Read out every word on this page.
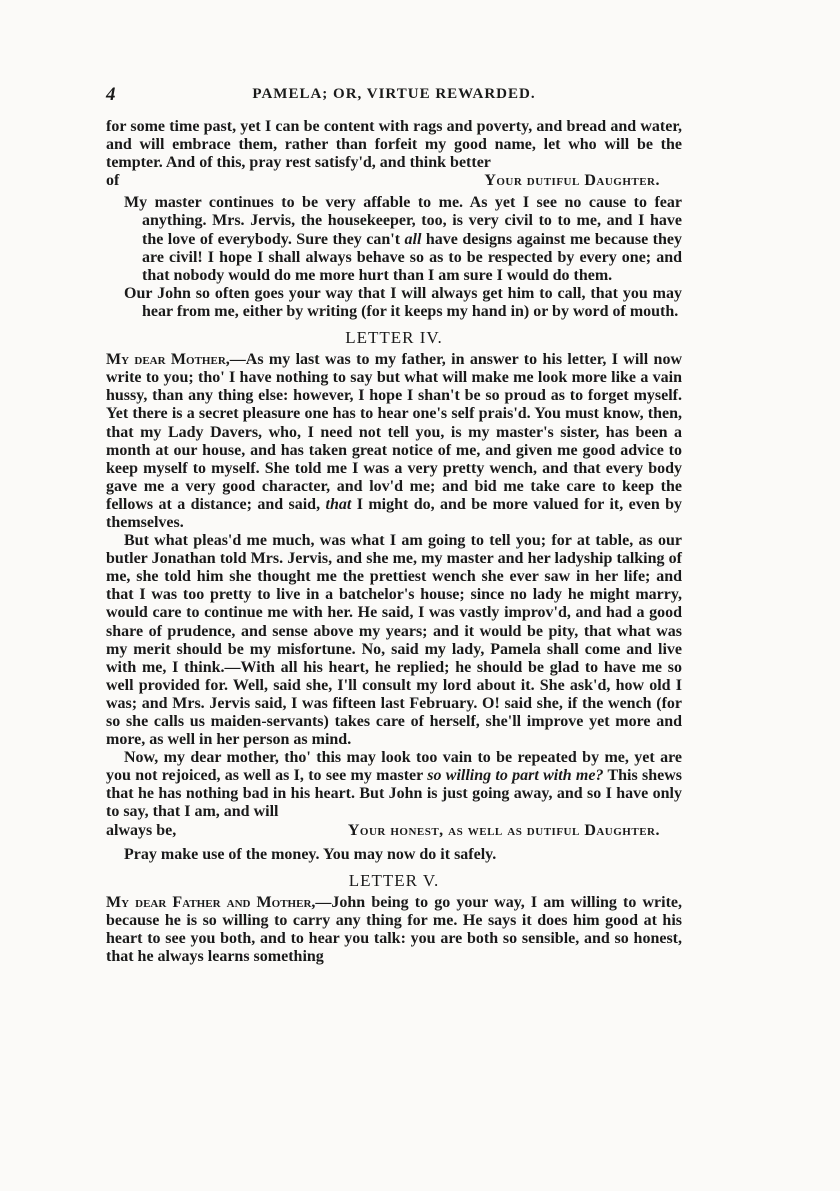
4	PAMELA; OR, VIRTUE REWARDED.

for some time past, yet I can be content with rags and poverty, and bread and water, and will embrace them, rather than forfeit my good name, let who will be the tempter. And of this, pray rest satisfy'd, and think better

of	Your dutiful Daughter.

My master continues to be very affable to me. As yet I see no cause to fear anything. Mrs. Jervis, the housekeeper, too, is very civil to to me, and I have the love of everybody. Sure they can't all have designs against me because they are civil! I hope I shall always behave so as to be respected by every one; and that nobody would do me more hurt than I am sure I would do them.

Our John so often goes your way that I will always get him to call, that you may hear from me, either by writing (for it keeps my hand in) or by word of mouth.

LETTER IV.

My dear Mother,—As my last was to my father, in answer to his letter, I will now write to you; tho' I have nothing to say but what will make me look more like a vain hussy, than any thing else: however, I hope I shan't be so proud as to forget myself. Yet there is a secret pleasure one has to hear one's self prais'd. You must know, then, that my Lady Davers, who, I need not tell you, is my master's sister, has been a month at our house, and has taken great notice of me, and given me good advice to keep myself to myself. She told me I was a very pretty wench, and that every body gave me a very good character, and lov'd me; and bid me take care to keep the fellows at a distance; and said, that I might do, and be more valued for it, even by themselves.

But what pleas'd me much, was what I am going to tell you; for at table, as our butler Jonathan told Mrs. Jervis, and she me, my master and her ladyship talking of me, she told him she thought me the prettiest wench she ever saw in her life; and that I was too pretty to live in a batchelor's house; since no lady he might marry, would care to continue me with her. He said, I was vastly improv'd, and had a good share of prudence, and sense above my years; and it would be pity, that what was my merit should be my misfortune. No, said my lady, Pamela shall come and live with me, I think.—With all his heart, he replied; he should be glad to have me so well provided for. Well, said she, I'll consult my lord about it. She ask'd, how old I was; and Mrs. Jervis said, I was fifteen last February. O! said she, if the wench (for so she calls us maiden-servants) takes care of herself, she'll improve yet more and more, as well in her person as mind.

Now, my dear mother, tho' this may look too vain to be repeated by me, yet are you not rejoiced, as well as I, to see my master so willing to part with me? This shews that he has nothing bad in his heart. But John is just going away, and so I have only to say, that I am, and will

always be,	Your honest, as well as dutiful Daughter.

Pray make use of the money. You may now do it safely.

LETTER V.

My dear Father and Mother,—John being to go your way, I am willing to write, because he is so willing to carry any thing for me. He says it does him good at his heart to see you both, and to hear you talk: you are both so sensible, and so honest, that he always learns something
